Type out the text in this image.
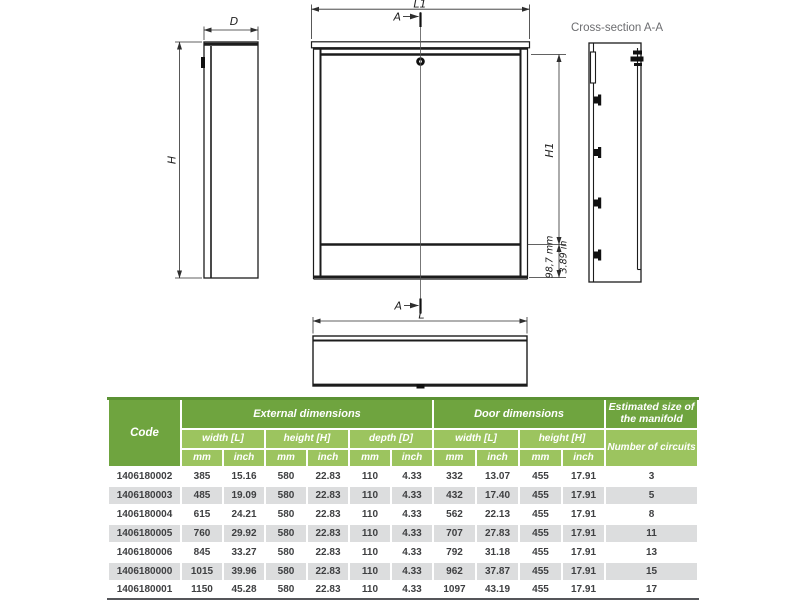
D
H
L1
A
H1
98,7 mm 3.89 in
A
Cross-section A-A
L
Code	External dimensions						Door dimensions				Estimated size of the manifold
	width [L]		height [H]		depth [D]		width [L]		height [H]		Number of circuits
	mm	inch	mm	inch	mm	inch	mm	inch	mm	inch	
1406180002	385	15.16	580	22.83	110	4.33	332	13.07	455	17.91	3
1406180003	485	19.09	580	22.83	110	4.33	432	17.40	455	17.91	5
1406180004	615	24.21	580	22.83	110	4.33	562	22.13	455	17.91	8
1406180005	760	29.92	580	22.83	110	4.33	707	27.83	455	17.91	11
1406180006	845	33.27	580	22.83	110	4.33	792	31.18	455	17.91	13
1406180000	1015	39.96	580	22.83	110	4.33	962	37.87	455	17.91	15
1406180001	1150	45.28	580	22.83	110	4.33	1097	43.19	455	17.91	17
